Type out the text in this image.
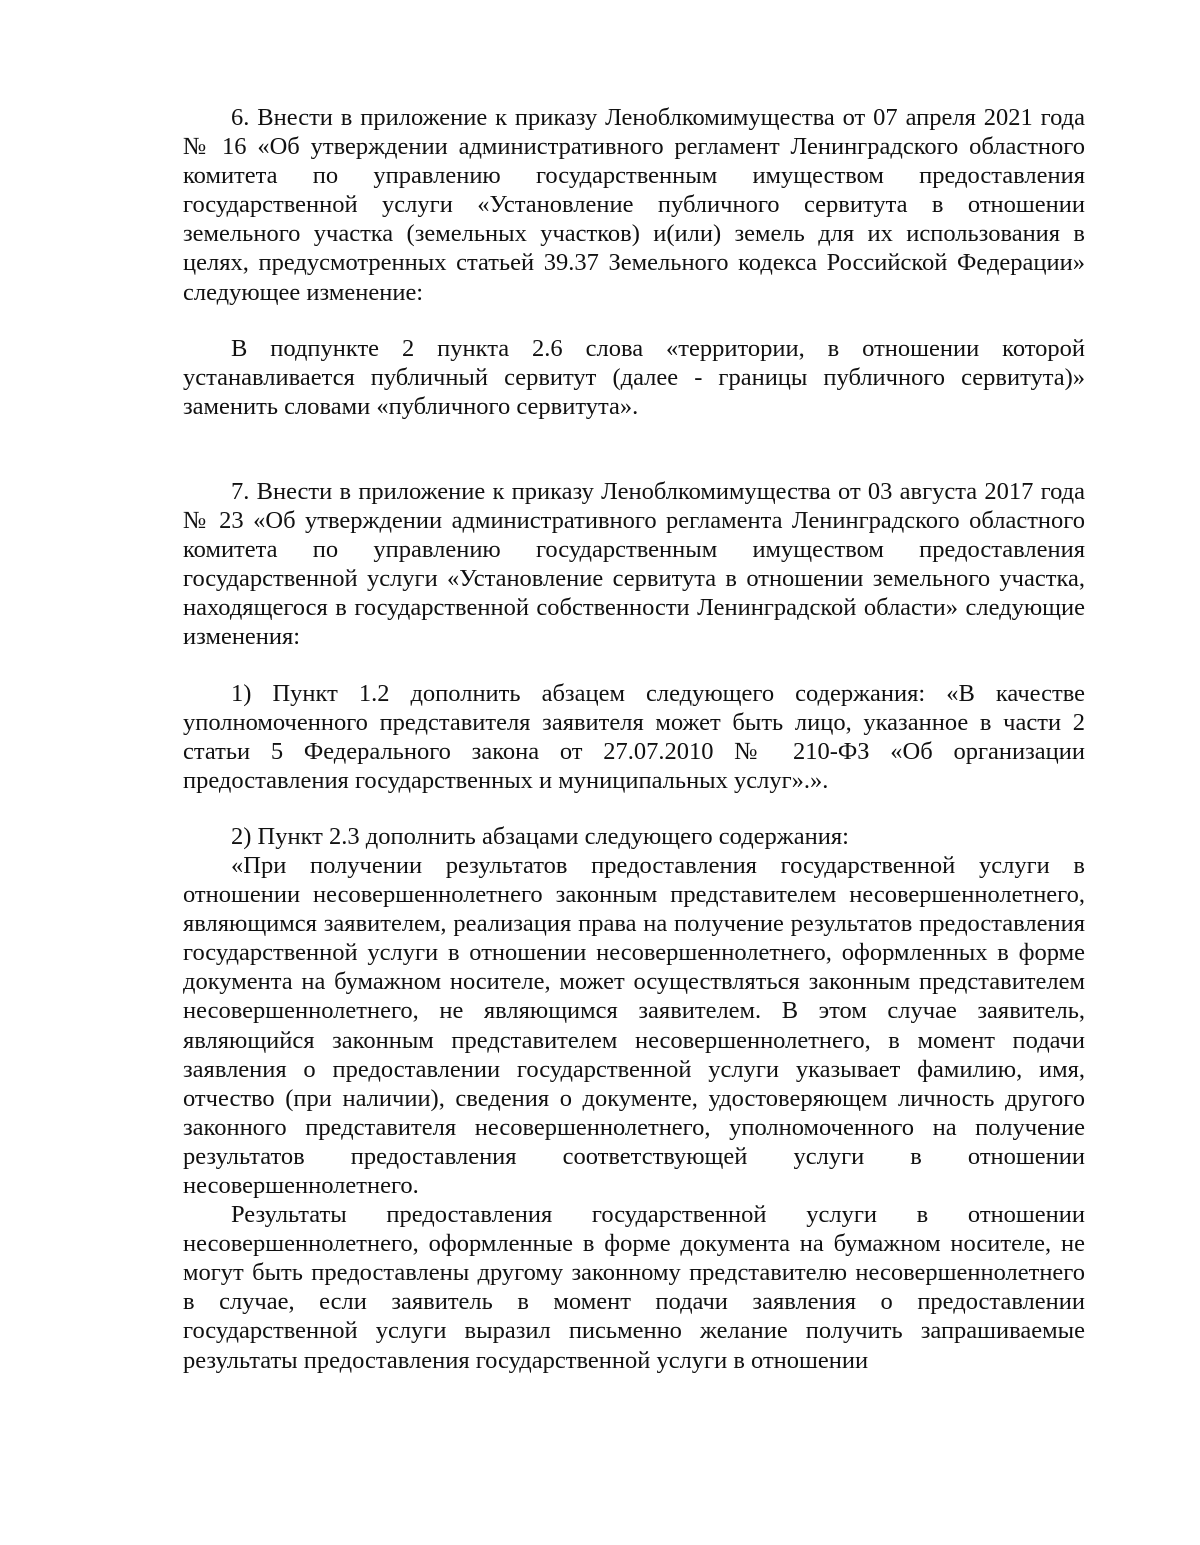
6. Внести в приложение к приказу Леноблкомимущества от 07 апреля 2021 года № 16 «Об утверждении административного регламент Ленинградского областного комитета по управлению государственным имуществом предоставления государственной услуги «Установление публичного сервитута в отношении земельного участка (земельных участков) и(или) земель для их использования в целях, предусмотренных статьей 39.37 Земельного кодекса Российской Федерации» следующее изменение:

В подпункте 2 пункта 2.6 слова «территории, в отношении которой устанавливается публичный сервитут (далее - границы публичного сервитута)» заменить словами «публичного сервитута».

7. Внести в приложение к приказу Леноблкомимущества от 03 августа 2017 года № 23 «Об утверждении административного регламента Ленинградского областного комитета по управлению государственным имуществом предоставления государственной услуги «Установление сервитута в отношении земельного участка, находящегося в государственной собственности Ленинградской области» следующие изменения:

1) Пункт 1.2 дополнить абзацем следующего содержания: «В качестве уполномоченного представителя заявителя может быть лицо, указанное в части 2 статьи 5 Федерального закона от 27.07.2010 № 210-ФЗ «Об организации предоставления государственных и муниципальных услуг».».

2) Пункт 2.3 дополнить абзацами следующего содержания:

«При получении результатов предоставления государственной услуги в отношении несовершеннолетнего законным представителем несовершеннолетнего, являющимся заявителем, реализация права на получение результатов предоставления государственной услуги в отношении несовершеннолетнего, оформленных в форме документа на бумажном носителе, может осуществляться законным представителем несовершеннолетнего, не являющимся заявителем. В этом случае заявитель, являющийся законным представителем несовершеннолетнего, в момент подачи заявления о предоставлении государственной услуги указывает фамилию, имя, отчество (при наличии), сведения о документе, удостоверяющем личность другого законного представителя несовершеннолетнего, уполномоченного на получение результатов предоставления соответствующей услуги в отношении несовершеннолетнего.

Результаты предоставления государственной услуги в отношении несовершеннолетнего, оформленные в форме документа на бумажном носителе, не могут быть предоставлены другому законному представителю несовершеннолетнего в случае, если заявитель в момент подачи заявления о предоставлении государственной услуги выразил письменно желание получить запрашиваемые результаты предоставления государственной услуги в отношении
